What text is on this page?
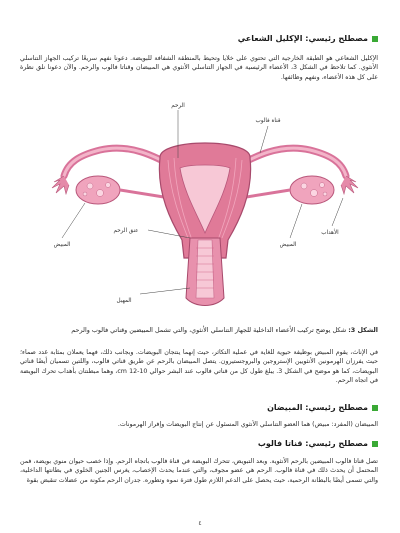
مصطلح رئيسي: الإكليل الشعاعي

الإكليل الشعاعي هو الطبقة الخارجية التي تحتوي على خلايا وتحيط بالمنطقة الشفافة للبويضة. دعونا نفهم سريعًا تركيب الجهاز التناسلي الأنثوي. كما تلاحظ في الشكل 3، الأعضاء الرئيسية في الجهاز التناسلي الأنثوي هي المبيضان وقناتا فالوب والرحم. والآن دعونا نلق نظرة على كل هذه الأعضاء، ونفهم وظائفها.

الرحم
قناة فالوب
الأهداب
عنق الرحم
المبيض	المبيض
المهبل

الشكل 3: شكل يوضح تركيب الأعضاء الداخلية للجهاز التناسلي الأنثوي، والتي تشمل المبيضين وقناتي فالوب والرحم

في الإناث، يقوم المبيض بوظيفة حيوية للغاية في عملية التكاثر، حيث إنهما ينتجان البويضات. وبجانب ذلك، فهما يعملان بمثابة غدد صماء؛ حيث يفرزان الهرمونين الأنثويين الإستروجين والبروجستيرون. يتصل المبيضان بالرحم عن طريق قناتي فالوب، واللتين تسميان أيضًا قناتي البويضات، كما هو موضح في الشكل 3. يبلغ طول كل من قناتي فالوب عند البشر حوالي 10-12 cm، وهما مبطنتان بأهداب تحرك البويضة في اتجاه الرحم.

مصطلح رئيسي: المبيضان

المبيضان (المفرد: مبيض) هما العضو التناسلي الأنثوي المسئول عن إنتاج البويضات وإفراز الهرمونات.

مصطلح رئيسي: قناتا فالوب

تصل قناتا فالوب المبيضين بالرحم الأنثوية. وبعد التبويض، تتحرك البويضة في قناة فالوب باتجاه الرحم. وإذا خصب حيوان منوي بويضة، فمن المحتمل أن يحدث ذلك في قناة فالوب. الرحم هي عضو مجوف، والتي عندما يحدث الإخصاب، يغرس الجنين الخلوي في بطانتها الداخلية، والتي تسمى أيضًا بالبطانة الرحمية، حيث يحصل على الدعم اللازم طول فترة نموه وتطوره. جدران الرحم مكونة من عضلات تنقبض بقوة

٤
